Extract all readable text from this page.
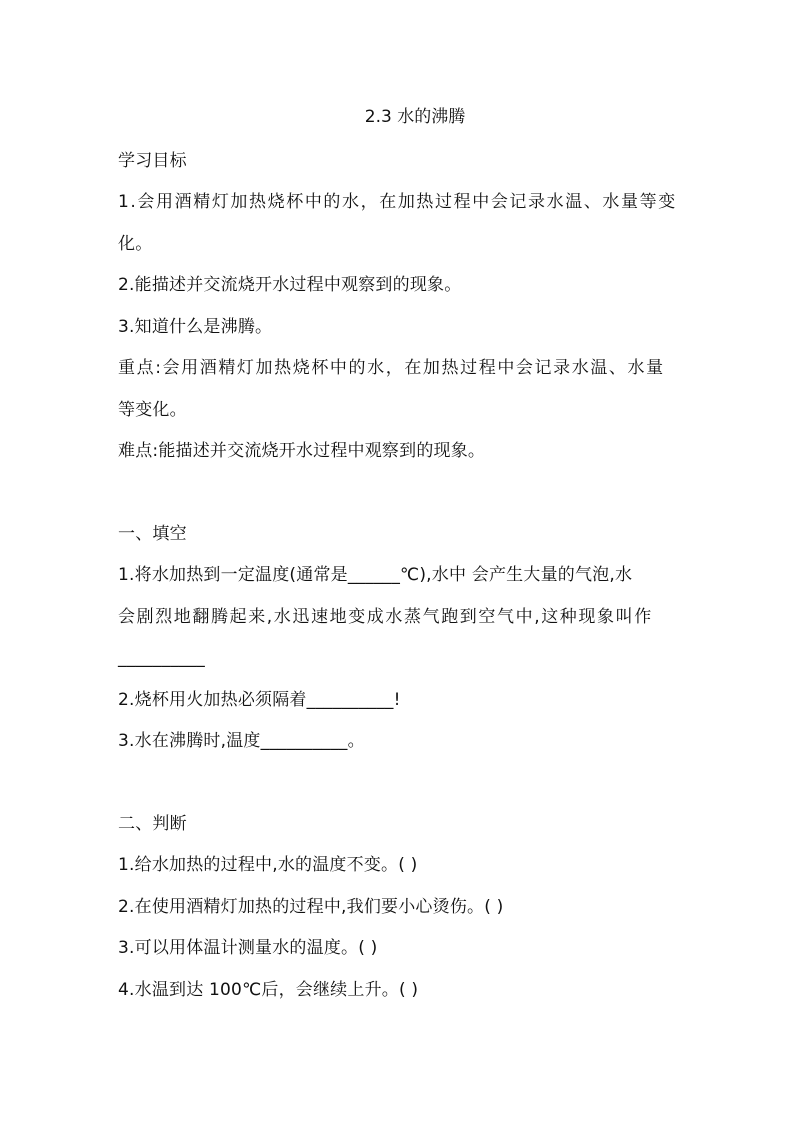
2.3 水的沸腾
学习目标
1.会用酒精灯加热烧杯中的水，在加热过程中会记录水温、水量等变
化。
2.能描述并交流烧开水过程中观察到的现象。
3.知道什么是沸腾。
重点:会用酒精灯加热烧杯中的水，在加热过程中会记录水温、水量
等变化。
难点:能描述并交流烧开水过程中观察到的现象。
一、填空
1.将水加热到一定温度(通常是______℃),水中 会产生大量的气泡,水
会剧烈地翻腾起来,水迅速地变成水蒸气跑到空气中,这种现象叫作
__________
2.烧杯用火加热必须隔着__________!
3.水在沸腾时,温度__________。
二、判断
1.给水加热的过程中,水的温度不变。( )
2.在使用酒精灯加热的过程中,我们要小心烫伤。( )
3.可以用体温计测量水的温度。( )
4.水温到达 100℃后，会继续上升。( )
